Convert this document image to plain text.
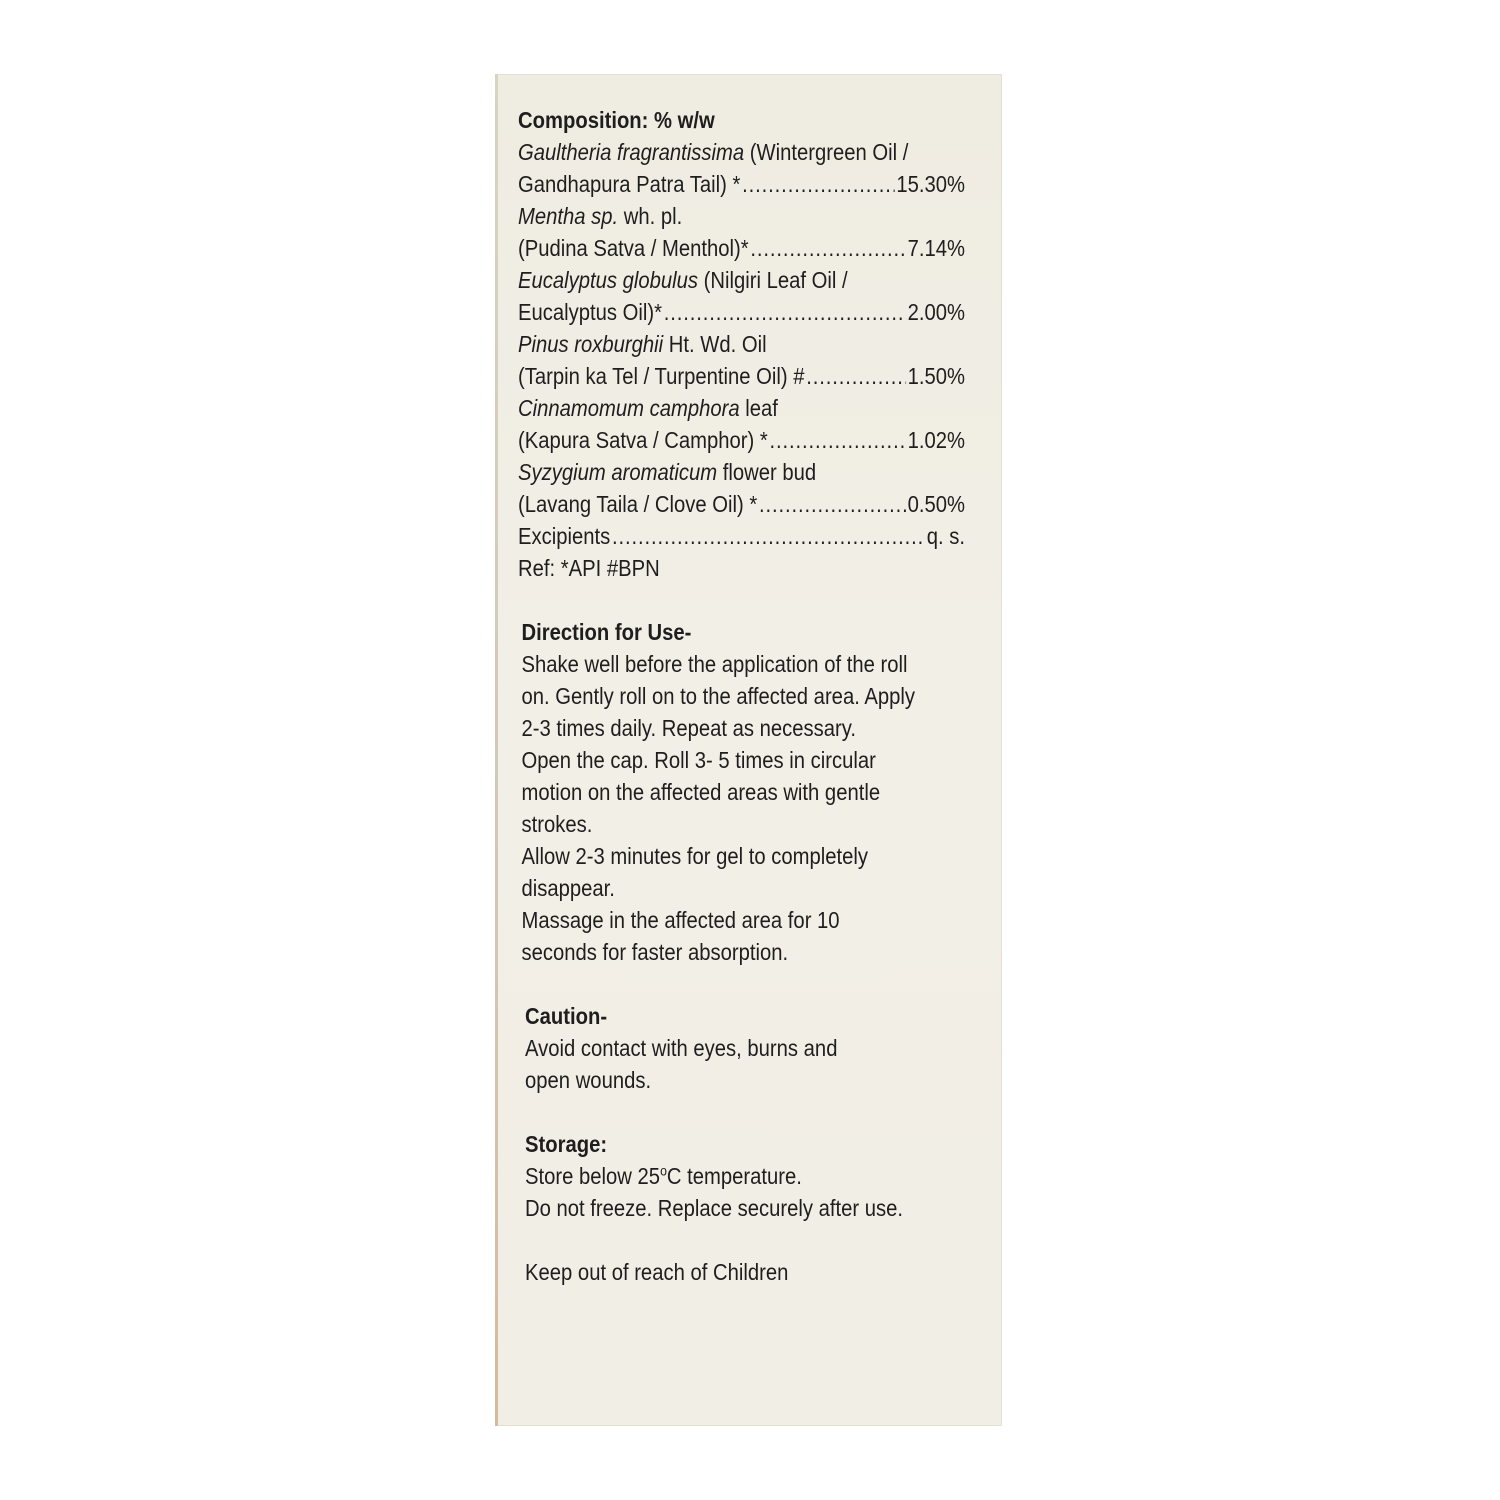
Composition: % w/w
Gaultheria fragrantissima (Wintergreen Oil /
Gandhapura Patra Tail) * .....	15.30%
Mentha sp. wh. pl.
(Pudina Satva / Menthol)* .....	7.14%
Eucalyptus globulus (Nilgiri Leaf Oil /
Eucalyptus Oil)* .....	2.00%
Pinus roxburghii Ht. Wd. Oil
(Tarpin ka Tel / Turpentine Oil) # .....	1.50%
Cinnamomum camphora leaf
(Kapura Satva / Camphor) * .....	1.02%
Syzygium aromaticum flower bud
(Lavang Taila / Clove Oil) * .....	0.50%
Excipients .....	q. s.
Ref: *API #BPN
Direction for Use-
Shake well before the application of the roll
on. Gently roll on to the affected area. Apply
2-3 times daily. Repeat as necessary.
Open the cap. Roll 3- 5 times in circular
motion on the affected areas with gentle
strokes.
Allow 2-3 minutes for gel to completely
disappear.
Massage in the affected area for 10
seconds for faster absorption.
Caution-
Avoid contact with eyes, burns and
open wounds.
Storage:
Store below 25$^o$C temperature.
Do not freeze. Replace securely after use.
Keep out of reach of Children
